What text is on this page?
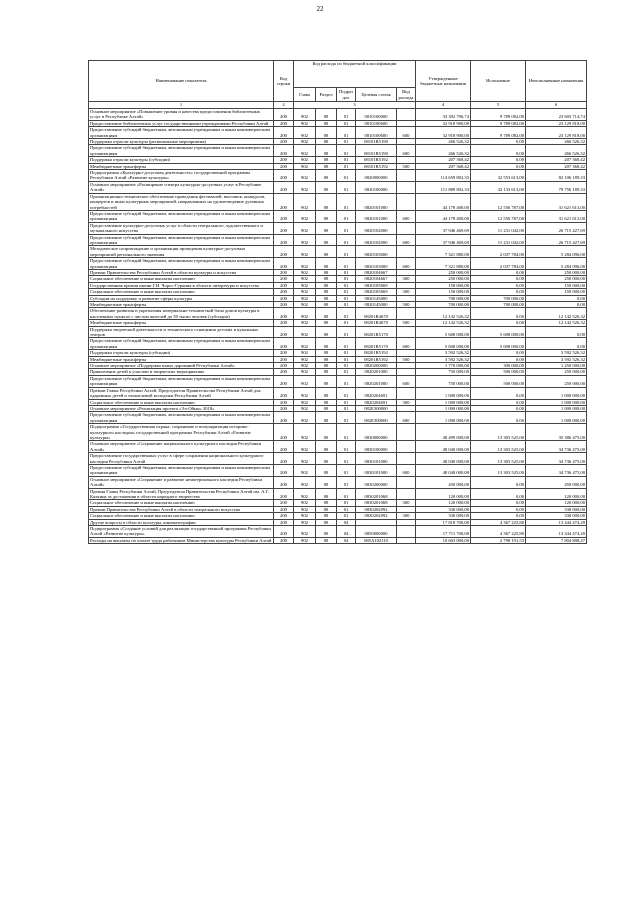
22
Наименование показателя	Код строки	Код расхода по бюджетной классификации					Утвержденные бюджетные назначения	Исполнение	Неисполненные назначения
		Глава	Раздел	Подраз дел	Целевая статья	Вид расхода			
1	2	3					4	5	6
Основное мероприятие «Повышение уровня и качества предоставления библиотечных услуг в Республике Алтай»	200	902	08	01	0810100000		33 392 796,74	9 789 082,00	23 603 714,74
Предоставление библиотечных услуг государственными учреждениями Республики Алтай	200	902	08	01	0810100600		32 918 900,00	9 789 082,00	23 129 818,00
Предоставление субсидий бюджетным, автономным учреждениям и иным некоммерческим организациям	200	902	08	01	0810100600	600	32 918 900,00	9 789 082,00	23 129 818,00
Поддержка отрасли культуры (региональные мероприятия)	200	902	08	01	08101R5190		266 526,32	0,00	266 526,32
Предоставление субсидий бюджетным, автономным учреждениям и иным некоммерческим организациям	200	902	08	01	08101R5190	600	266 526,32	0,00	266 526,32
Поддержка отрасли культуры (субсидии)	200	902	08	01	08101R5192		207 368,42	0,00	207 368,42
Межбюджетные трансферты	200	902	08	01	08101R5192	500	207 368,42	0,00	207 368,42
Подпрограмма «Культурно-досуговая деятельность» государственной программы Республики Алтай «Развитие культуры»	200	902	08	01	0820000000		114 659 802,33	32 553 613,00	82 106 189,33
Основное мероприятие «Расширение спектра культурно-досуговых услуг в Республике Алтай»	200	902	08	01	0820100000		111 889 802,33	32 133 613,00	79 756 189,33
Организационно-техническое обеспечение проведения фестивалей, выставок, конкурсов, концертов и иных культурных мероприятий, направленных на удовлетворение духовных потребностей	200	902	08	01	0820101000		44 178 400,00	12 556 787,00	31 621 613,00
Предоставление субсидий бюджетным, автономным учреждениям и иным некоммерческим организациям	200	902	08	01	0820101000	600	44 178 400,00	12 556 787,00	31 621 613,00
Предоставление культурно-досуговых услуг в области театрального, художественного и музыкального искусства	200	902	08	01	0820102000		37 946 469,69	11 231 042,00	26 715 427,69
Предоставление субсидий бюджетным, автономным учреждениям и иным некоммерческим организациям	200	902	08	01	0820102000	600	37 946 469,69	11 231 042,00	26 715 427,69
Методическое сопровождение и организация проведения культурно-досуговых мероприятий регионального значения	200	902	08	01	0820103000		7 321 880,00	2 037 784,00	5 284 096,00
Предоставление субсидий бюджетным, автономным учреждениям и иным некоммерческим организациям	200	902	08	01	0820103000	600	7 321 880,00	2 037 784,00	5 284 096,00
Премии Правительства Республики Алтай в области культуры и искусства	200	902	08	01	0820104667		250 000,00	0,00	250 000,00
Социальное обеспечение и иные выплаты населению	200	902	08	01	0820104667	300	250 000,00	0,00	250 000,00
Государственная премия имени Г.И. Чорос-Гуркина в области литературы и искусства	200	902	08	01	0820105669		150 000,00	0,00	150 000,00
Социальное обеспечение и иные выплаты населению	200	902	08	01	0820105669	300	150 000,00	0,00	150 000,00
Субсидии на поддержку и развитие сферы культуры	200	902	08	01	0820145000		700 000,00	700 000,00	0,00
Межбюджетные трансферты	200	902	08	01	0820145000	500	700 000,00	700 000,00	0,00
Обеспечение развития и укрепления материально-технической базы домов культуры в населенных пунктах с числом жителей до 50 тысяч человек (субсидии)	200	902	08	01	08201R4670		12 142 526,32	0,00	12 142 526,32
Межбюджетные трансферты	200	902	08	01	08201R4670	500	12 142 526,32	0,00	12 142 526,32
Поддержка творческой деятельности и технического оснащения детских и кукольных театров	200	902	08	01	08201R5170		5 608 000,00	5 608 000,00	0,00
Предоставление субсидий бюджетным, автономным учреждениям и иным некоммерческим организациям	200	902	08	01	08201R5170	600	5 608 000,00	5 608 000,00	0,00
Поддержка отрасли культуры (субсидии)	200	902	08	01	08201R5192		3 592 526,32	0,00	3 592 526,32
Межбюджетные трансферты	200	902	08	01	08201R5192	500	3 592 526,32	0,00	3 592 526,32
Основное мероприятие «Поддержка юных дарований Республики Алтай»	200	902	08	01	0820200000		1 770 000,00	300 000,00	1 250 000,00
Привлечение детей к участию в творческих мероприятиях	200	902	08	01	0820201000		750 000,00	500 000,00	250 000,00
Предоставление субсидий бюджетным, автономным учреждениям и иным некоммерческим организациям	200	902	08	01	0820201000	600	750 000,00	500 000,00	250 000,00
Премии Главы Республики Алтай, Председателя Правительства Республики Алтай для одаренных детей и талантливой молодежи Республики Алтай	200	902	08	01	0820204691		1 000 000,00	0,00	1 000 000,00
Социальное обеспечение и иные выплаты населению	200	902	08	01	0820204691	300	1 000 000,00	0,00	1 000 000,00
Основное мероприятие «Реализация проекта «Эл-Ойын» 2018»	200	902	08	01	082Е300000		1 000 000,00	0,00	1 000 000,00
Предоставление субсидий бюджетным, автономным учреждениям и иным некоммерческим организациям	200	902	08	01	082Е300000	600	1 000 000,00	0,00	1 000 000,00
Подпрограмма «Государственная охрана, сохранение и популяризация историко-культурного наследия» государственной программы Республики Алтай «Развитие культуры»	200	902	08	01	0830000000		48 499 000,00	13 303 525,00	35 386 475,00
Основное мероприятие «Сохранение национального культурного наследия Республики Алтай»	200	902	08	01	0830100000		48 040 000,00	13 303 525,00	34 736 475,00
Предоставление государственных услуг в сфере сохранения национального культурного наследия Республики Алтай	200	902	08	01	0830101000		48 040 000,00	13 303 525,00	34 736 475,00
Предоставление субсидий бюджетным, автономным учреждениям и иным некоммерческим организациям	200	902	08	01	0830101000	600	48 040 000,00	13 303 525,00	34 736 475,00
Основное мероприятие «Сохранение и развитие нематериального наследия Республики Алтай»	200	902	08	01	0830200000		450 000,00	0,00	450 000,00
Премия Главы Республики Алтай, Председателя Правительства Республики Алтай им. А.Г. Калкина за достижения в области народного творчества	200	902	08	01	0830201068		120 000,00	0,00	120 000,00
Социальное обеспечение и иные выплаты населению	200	902	08	01	0830201068	300	120 000,00	0,00	120 000,00
Премии Правительства Республики Алтай в области театрального искусства	200	902	08	01	0830202092		330 000,00	0,00	330 000,00
Социальное обеспечение и иные выплаты населению	200	902	08	01	0830202092	300	330 000,00	0,00	330 000,00
Другие вопросы в области культуры, кинематографии	200	902	08	04			17 818 700,00	4 367 225,80	13 444 474,20
Подпрограмма «Создание условий для реализации государственной программы Республики Алтай «Развитие культуры»	200	902	08	04	0850000000		17 711 700,00	4 367 225,80	13 344 474,20
Расходы на выплаты по оплате труда работников Министерства культуры Республики Алтай	200	902	08	04	085А102110		10 603 000,00	2 798 191,53	7 804 808,47
